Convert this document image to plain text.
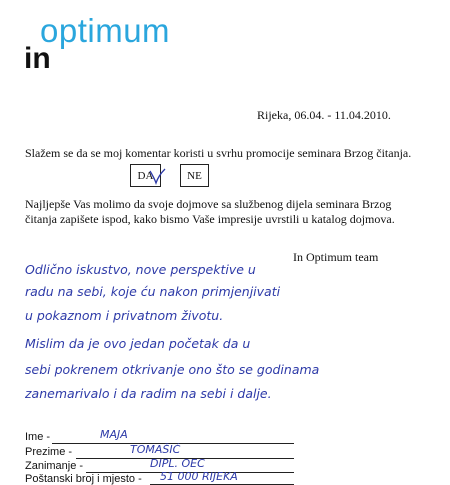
optimum
in
Rijeka, 06.04. - 11.04.2010.
Slažem se da se moj komentar koristi u svrhu promocije seminara Brzog čitanja.
DA	NE
Najljepše Vas molimo da svoje dojmove sa službenog dijela seminara Brzog
čitanja zapišete ispod, kako bismo Vaše impresije uvrstili u katalog dojmova.
In Optimum team
Odlično iskustvo, nove perspektive u
radu na sebi, koje ću nakon primjenjivati
u pokaznom i privatnom životu.
Mislim da je ovo jedan početak da u
sebi pokrenem otkrivanje ono što se godinama
zanemarivalo i da radim na sebi i dalje.
Ime -	MAJA
Prezime -	TOMAŠIĆ
Zanimanje -	DIPL. OEC
Poštanski broj i mjesto - 51 000 RIJEKA
